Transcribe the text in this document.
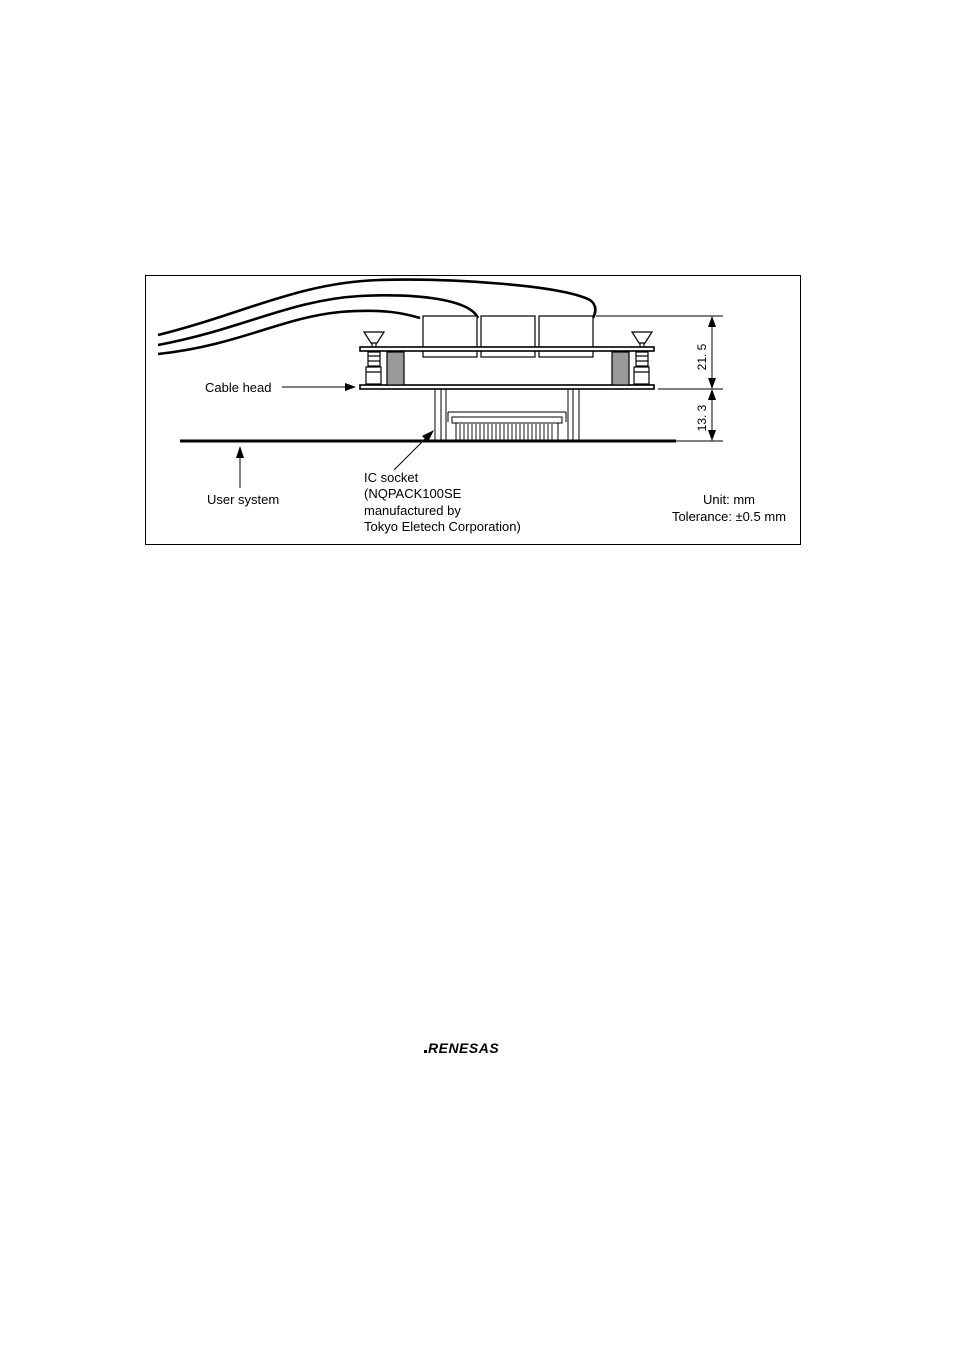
21. 5
13. 3
Cable head
User system
IC socket
(NQPACK100SE
manufactured by
Tokyo Eletech Corporation)
Unit: mm
Tolerance: ±0.5 mm
RENESAS
